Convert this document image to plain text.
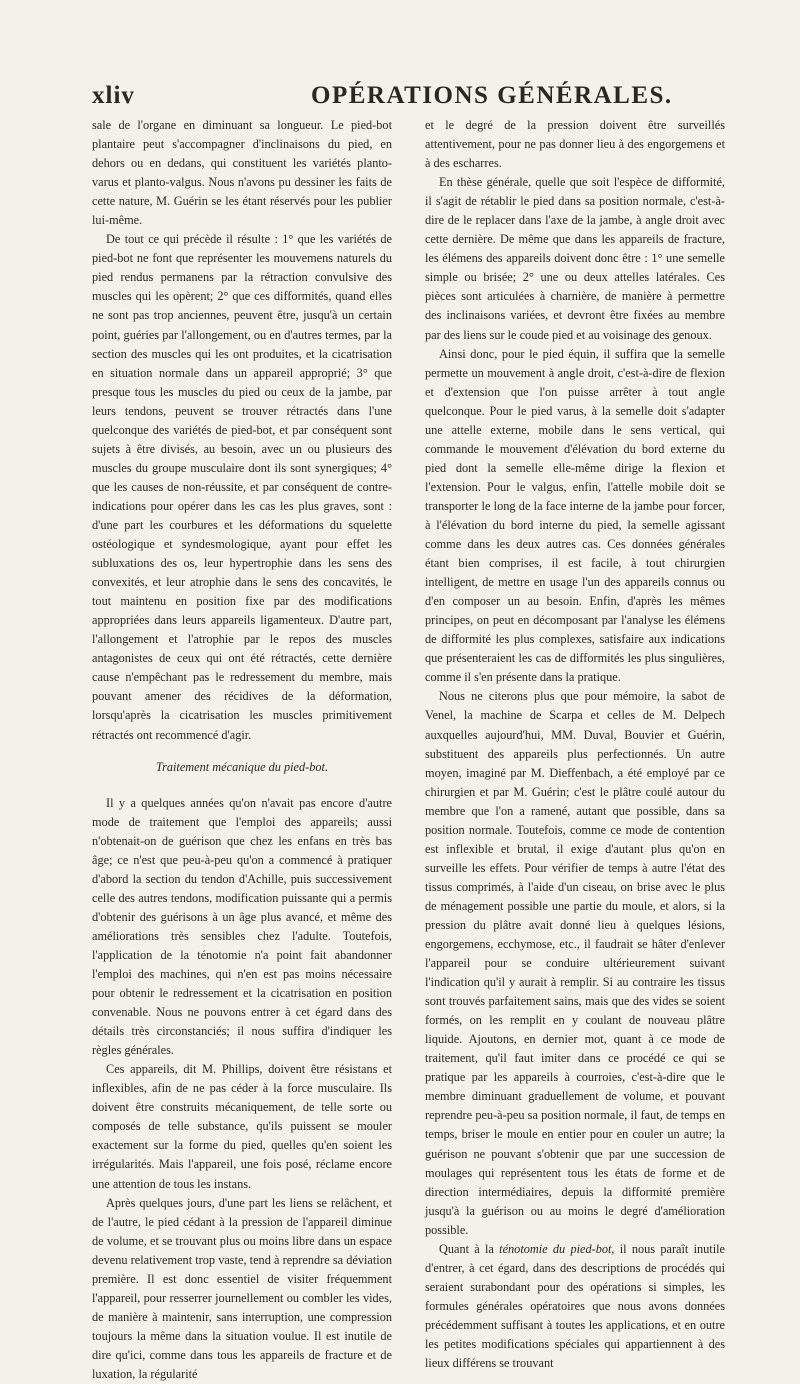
xliv	OPÉRATIONS GÉNÉRALES.

sale de l'organe en diminuant sa longueur. Le pied-bot plantaire peut s'accompagner d'inclinaisons du pied, en dehors ou en dedans, qui constituent les variétés planto-varus et planto-valgus. Nous n'avons pu dessiner les faits de cette nature, M. Guérin se les étant réservés pour les publier lui-même.

De tout ce qui précède il résulte : 1° que les variétés de pied-bot ne font que représenter les mouvemens naturels du pied rendus permanens par la rétraction convulsive des muscles qui les opèrent; 2° que ces difformités, quand elles ne sont pas trop anciennes, peuvent être, jusqu'à un certain point, guéries par l'allongement, ou en d'autres termes, par la section des muscles qui les ont produites, et la cicatrisation en situation normale dans un appareil approprié; 3° que presque tous les muscles du pied ou ceux de la jambe, par leurs tendons, peuvent se trouver rétractés dans l'une quelconque des variétés de pied-bot, et par conséquent sont sujets à être divisés, au besoin, avec un ou plusieurs des muscles du groupe musculaire dont ils sont synergiques; 4° que les causes de non-réussite, et par conséquent de contre-indications pour opérer dans les cas les plus graves, sont : d'une part les courbures et les déformations du squelette ostéologique et syndesmologique, ayant pour effet les subluxations des os, leur hypertrophie dans les sens des convexités, et leur atrophie dans le sens des concavités, le tout maintenu en position fixe par des modifications appropriées dans leurs appareils ligamenteux. D'autre part, l'allongement et l'atrophie par le repos des muscles antagonistes de ceux qui ont été rétractés, cette dernière cause n'empêchant pas le redressement du membre, mais pouvant amener des récidives de la déformation, lorsqu'après la cicatrisation les muscles primitivement rétractés ont recommencé d'agir.

Traitement mécanique du pied-bot.

Il y a quelques années qu'on n'avait pas encore d'autre mode de traitement que l'emploi des appareils; aussi n'obtenait-on de guérison que chez les enfans en très bas âge; ce n'est que peu-à-peu qu'on a commencé à pratiquer d'abord la section du tendon d'Achille, puis successivement celle des autres tendons, modification puissante qui a permis d'obtenir des guérisons à un âge plus avancé, et même des améliorations très sensibles chez l'adulte. Toutefois, l'application de la ténotomie n'a point fait abandonner l'emploi des machines, qui n'en est pas moins nécessaire pour obtenir le redressement et la cicatrisation en position convenable. Nous ne pouvons entrer à cet égard dans des détails très circonstanciés; il nous suffira d'indiquer les règles générales.

Ces appareils, dit M. Phillips, doivent être résistans et inflexibles, afin de ne pas céder à la force musculaire. Ils doivent être construits mécaniquement, de telle sorte ou composés de telle substance, qu'ils puissent se mouler exactement sur la forme du pied, quelles qu'en soient les irrégularités. Mais l'appareil, une fois posé, réclame encore une attention de tous les instans.

Après quelques jours, d'une part les liens se relâchent, et de l'autre, le pied cédant à la pression de l'appareil diminue de volume, et se trouvant plus ou moins libre dans un espace devenu relativement trop vaste, tend à reprendre sa déviation première. Il est donc essentiel de visiter fréquemment l'appareil, pour resserrer journellement ou combler les vides, de manière à maintenir, sans interruption, une compression toujours la même dans la situation voulue. Il est inutile de dire qu'ici, comme dans tous les appareils de fracture et de luxation, la régularité

et le degré de la pression doivent être surveillés attentivement, pour ne pas donner lieu à des engorgemens et à des escharres.

En thèse générale, quelle que soit l'espèce de difformité, il s'agit de rétablir le pied dans sa position normale, c'est-à-dire de le replacer dans l'axe de la jambe, à angle droit avec cette dernière. De même que dans les appareils de fracture, les élémens des appareils doivent donc être : 1° une semelle simple ou brisée; 2° une ou deux attelles latérales. Ces pièces sont articulées à charnière, de manière à permettre des inclinaisons variées, et devront être fixées au membre par des liens sur le coude pied et au voisinage des genoux.

Ainsi donc, pour le pied équin, il suffira que la semelle permette un mouvement à angle droit, c'est-à-dire de flexion et d'extension que l'on puisse arrêter à tout angle quelconque. Pour le pied varus, à la semelle doit s'adapter une attelle externe, mobile dans le sens vertical, qui commande le mouvement d'élévation du bord externe du pied dont la semelle elle-même dirige la flexion et l'extension. Pour le valgus, enfin, l'attelle mobile doit se transporter le long de la face interne de la jambe pour forcer, à l'élévation du bord interne du pied, la semelle agissant comme dans les deux autres cas. Ces données générales étant bien comprises, il est facile, à tout chirurgien intelligent, de mettre en usage l'un des appareils connus ou d'en composer un au besoin. Enfin, d'après les mêmes principes, on peut en décomposant par l'analyse les élémens de difformité les plus complexes, satisfaire aux indications que présenteraient les cas de difformités les plus singulières, comme il s'en présente dans la pratique.

Nous ne citerons plus que pour mémoire, la sabot de Venel, la machine de Scarpa et celles de M. Delpech auxquelles aujourd'hui, MM. Duval, Bouvier et Guérin, substituent des appareils plus perfectionnés. Un autre moyen, imaginé par M. Dieffenbach, a été employé par ce chirurgien et par M. Guérin; c'est le plâtre coulé autour du membre que l'on a ramené, autant que possible, dans sa position normale. Toutefois, comme ce mode de contention est inflexible et brutal, il exige d'autant plus qu'on en surveille les effets. Pour vérifier de temps à autre l'état des tissus comprimés, à l'aide d'un ciseau, on brise avec le plus de ménagement possible une partie du moule, et alors, si la pression du plâtre avait donné lieu à quelques lésions, engorgemens, ecchymose, etc., il faudrait se hâter d'enlever l'appareil pour se conduire ultérieurement suivant l'indication qu'il y aurait à remplir. Si au contraire les tissus sont trouvés parfaitement sains, mais que des vides se soient formés, on les remplit en y coulant de nouveau plâtre liquide. Ajoutons, en dernier mot, quant à ce mode de traitement, qu'il faut imiter dans ce procédé ce qui se pratique par les appareils à courroies, c'est-à-dire que le membre diminuant graduellement de volume, et pouvant reprendre peu-à-peu sa position normale, il faut, de temps en temps, briser le moule en entier pour en couler un autre; la guérison ne pouvant s'obtenir que par une succession de moulages qui représentent tous les états de forme et de direction intermédiaires, depuis la difformité première jusqu'à la guérison ou au moins le degré d'amélioration possible.

Quant à la ténotomie du pied-bot, il nous paraît inutile d'entrer, à cet égard, dans des descriptions de procédés qui seraient surabondant pour des opérations si simples, les formules générales opératoires que nous avons données précédemment suffisant à toutes les applications, et en outre les petites modifications spéciales qui appartiennent à des lieux différens se trouvant
